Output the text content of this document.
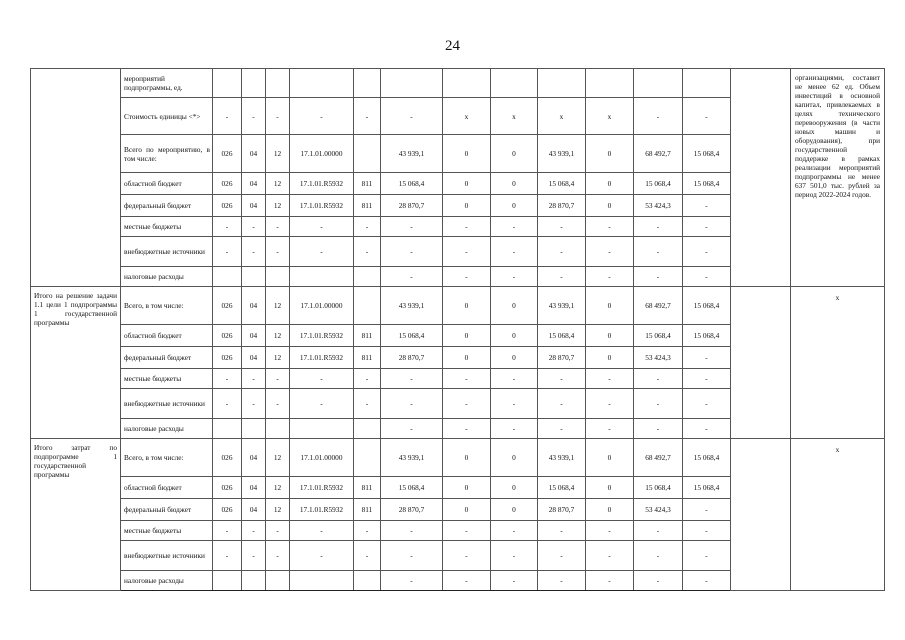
24
	мероприятий подпрограммы, ед.														организациями, составит не менее 62 ед. Объем инвестиций в основной капитал, привлекаемых в целях технического перевооружения (в части новых машин и оборудования), при государственной поддержке в рамках реализации мероприятий подпрограммы не менее 637 501,0 тыс. рублей за период 2022-2024 годов.
	Стоимость единицы <*>	-	-	-	-	-	-	х	х	х	х	-	-		
	Всего по мероприятию, в том числе:	026	04	12	17.1.01.00000		43 939,1	0	0	43 939,1	0	68 492,7	15 068,4		
	областной бюджет	026	04	12	17.1.01.R5932	811	15 068,4	0	0	15 068,4	0	15 068,4	15 068,4		
	федеральный бюджет	026	04	12	17.1.01.R5932	811	28 870,7	0	0	28 870,7	0	53 424,3	-		
	местные бюджеты	-	-	-	-	-	-	-	-	-	-	-	-		
	внебюджетные источники	-	-	-	-	-	-	-	-	-	-	-	-		
	налоговые расходы						-	-	-	-	-	-	-		
Итого на решение задачи 1.1 цели 1 подпрограммы 1 государственной программы	Всего, в том числе:	026	04	12	17.1.01.00000		43 939,1	0	0	43 939,1	0	68 492,7	15 068,4		х
	областной бюджет	026	04	12	17.1.01.R5932	811	15 068,4	0	0	15 068,4	0	15 068,4	15 068,4		
	федеральный бюджет	026	04	12	17.1.01.R5932	811	28 870,7	0	0	28 870,7	0	53 424,3	-		
	местные бюджеты	-	-	-	-	-	-	-	-	-	-	-	-		
	внебюджетные источники	-	-	-	-	-	-	-	-	-	-	-	-		
	налоговые расходы						-	-	-	-	-	-	-		
Итого затрат по подпрограмме 1 государственной программы	Всего, в том числе:	026	04	12	17.1.01.00000		43 939,1	0	0	43 939,1	0	68 492,7	15 068,4		х
	областной бюджет	026	04	12	17.1.01.R5932	811	15 068,4	0	0	15 068,4	0	15 068,4	15 068,4		
	федеральный бюджет	026	04	12	17.1.01.R5932	811	28 870,7	0	0	28 870,7	0	53 424,3	-		
	местные бюджеты	-	-	-	-	-	-	-	-	-	-	-	-		
	внебюджетные источники	-	-	-	-	-	-	-	-	-	-	-	-		
	налоговые расходы						-	-	-	-	-	-	-		
